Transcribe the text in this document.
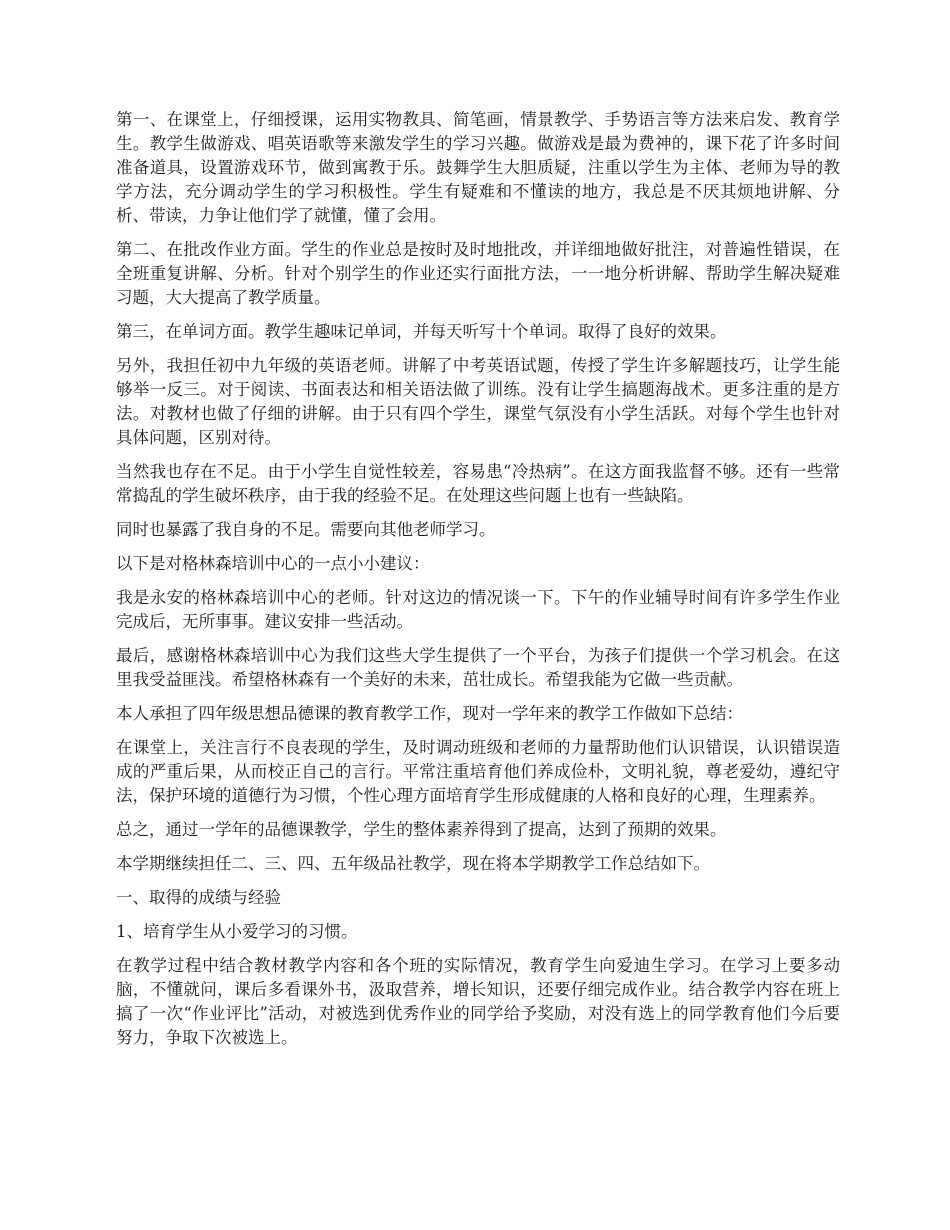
第一、在课堂上，仔细授课，运用实物教具、简笔画，情景教学、手势语言等方法来启发、教育学生。教学生做游戏、唱英语歌等来激发学生的学习兴趣。做游戏是最为费神的，课下花了许多时间准备道具，设置游戏环节，做到寓教于乐。鼓舞学生大胆质疑，注重以学生为主体、老师为导的教学方法，充分调动学生的学习积极性。学生有疑难和不懂读的地方，我总是不厌其烦地讲解、分析、带读，力争让他们学了就懂，懂了会用。

第二、在批改作业方面。学生的作业总是按时及时地批改，并详细地做好批注，对普遍性错误，在全班重复讲解、分析。针对个别学生的作业还实行面批方法，一一地分析讲解、帮助学生解决疑难习题，大大提高了教学质量。

第三，在单词方面。教学生趣味记单词，并每天听写十个单词。取得了良好的效果。

另外，我担任初中九年级的英语老师。讲解了中考英语试题，传授了学生许多解题技巧，让学生能够举一反三。对于阅读、书面表达和相关语法做了训练。没有让学生搞题海战术。更多注重的是方法。对教材也做了仔细的讲解。由于只有四个学生，课堂气氛没有小学生活跃。对每个学生也针对具体问题，区别对待。

当然我也存在不足。由于小学生自觉性较差，容易患“冷热病”。在这方面我监督不够。还有一些常常捣乱的学生破坏秩序，由于我的经验不足。在处理这些问题上也有一些缺陷。

同时也暴露了我自身的不足。需要向其他老师学习。

以下是对格林森培训中心的一点小小建议：

我是永安的格林森培训中心的老师。针对这边的情况谈一下。下午的作业辅导时间有许多学生作业完成后，无所事事。建议安排一些活动。

最后，感谢格林森培训中心为我们这些大学生提供了一个平台，为孩子们提供一个学习机会。在这里我受益匪浅。希望格林森有一个美好的未来，茁壮成长。希望我能为它做一些贡献。

本人承担了四年级思想品德课的教育教学工作，现对一学年来的教学工作做如下总结：

在课堂上，关注言行不良表现的学生，及时调动班级和老师的力量帮助他们认识错误，认识错误造成的严重后果，从而校正自己的言行。平常注重培育他们养成俭朴，文明礼貌，尊老爱幼，遵纪守法，保护环境的道德行为习惯，个性心理方面培育学生形成健康的人格和良好的心理，生理素养。

总之，通过一学年的品德课教学，学生的整体素养得到了提高，达到了预期的效果。

本学期继续担任二、三、四、五年级品社教学，现在将本学期教学工作总结如下。

一、取得的成绩与经验

1、培育学生从小爱学习的习惯。

在教学过程中结合教材教学内容和各个班的实际情况，教育学生向爱迪生学习。在学习上要多动脑，不懂就问，课后多看课外书，汲取营养，增长知识，还要仔细完成作业。结合教学内容在班上搞了一次“作业评比”活动，对被选到优秀作业的同学给予奖励，对没有选上的同学教育他们今后要努力，争取下次被选上。
